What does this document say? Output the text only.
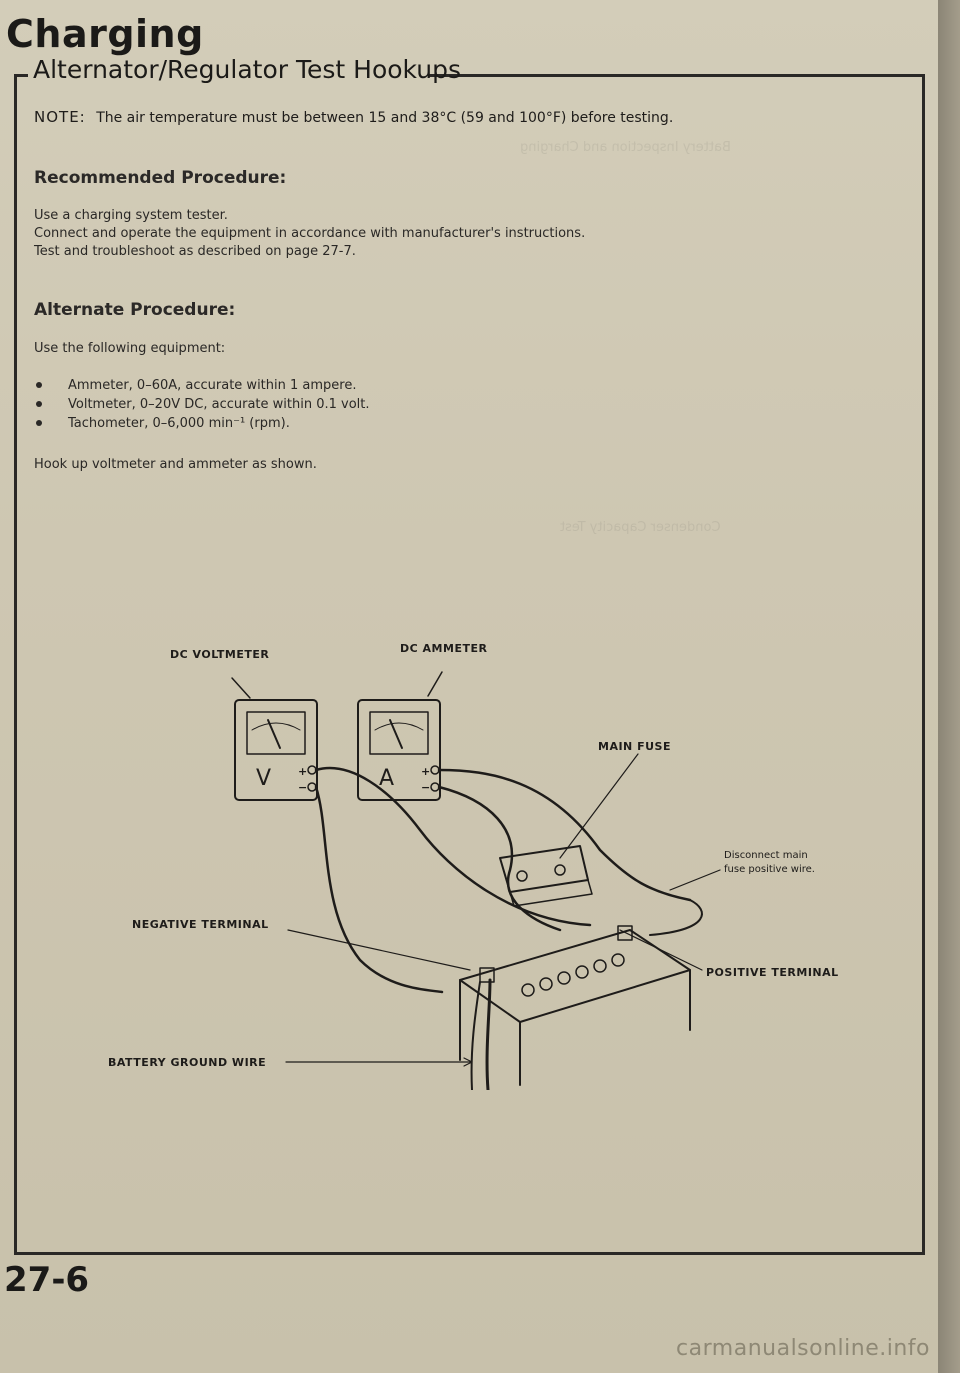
Battery Inspection and Charging
Condenser Capacity Test
Charging
Alternator/Regulator Test Hookups
NOTE: The air temperature must be between 15 and 38°C (59 and 100°F) before testing.
Recommended Procedure:
Use a charging system tester.
Connect and operate the equipment in accordance with manufacturer's instructions.
Test and troubleshoot as described on page 27-7.
Alternate Procedure:
Use the following equipment:
Ammeter, 0–60A, accurate within 1 ampere.
Voltmeter, 0–20V DC, accurate within 0.1 volt.
Tachometer, 0–6,000 min⁻¹ (rpm).
Hook up voltmeter and ammeter as shown.
DC VOLTMETER	DC AMMETER
V	A
+
−
+
−
MAIN FUSE
Disconnect main
fuse positive wire.
NEGATIVE TERMINAL
POSITIVE TERMINAL
BATTERY GROUND WIRE
27-6
carmanualsonline.info
